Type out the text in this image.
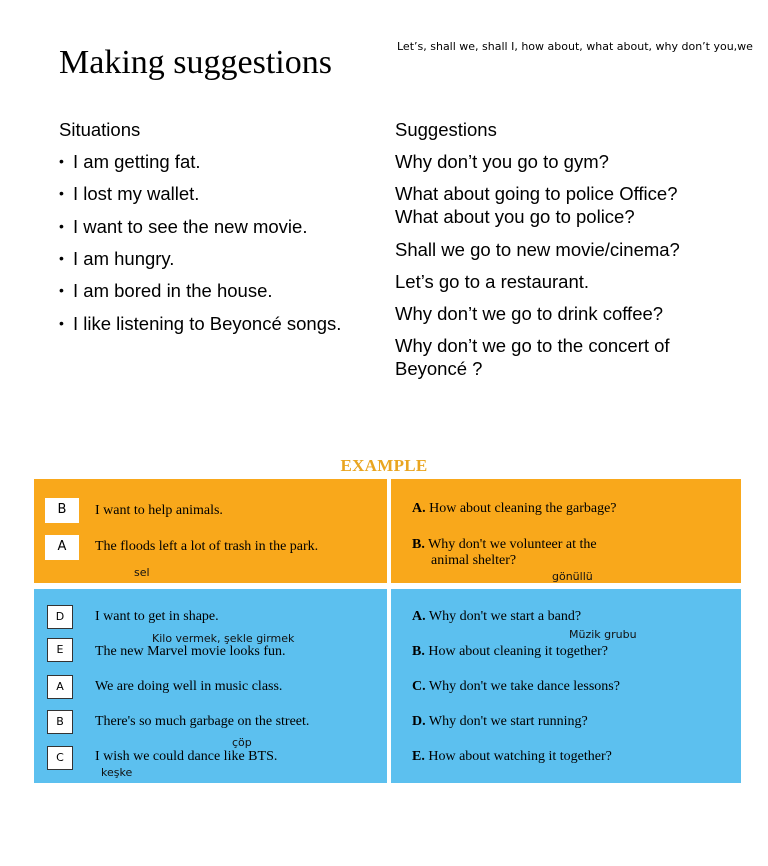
Making suggestions	Let’s, shall we, shall I, how about, what about, why don’t you,we
Situations
• I am getting fat.
• I lost my wallet.
• I want to see the new movie.
• I am hungry.
• I am bored in the house.
• I like listening to Beyoncé songs.
Suggestions
Why don’t you go to gym?
What about going to police Office?
What about you go to police?
Shall we go to new movie/cinema?
Let’s go to a restaurant.
Why don’t we go to drink coffee?
Why don’t we go to the concert of
Beyoncé ?
EXAMPLE
B
A
I want to help animals.
The floods left a lot of trash in the park.
sel
A. How about cleaning the garbage?
B. Why don't we volunteer at the
animal shelter?
gönüllü
D
E
A
B
C
I want to get in shape.
Kilo vermek, şekle girmek
The new Marvel movie looks fun.
We are doing well in music class.
There's so much garbage on the street.
çöp
I wish we could dance like BTS.
keşke
A. Why don't we start a band?
Müzik grubu
B. How about cleaning it together?
C. Why don't we take dance lessons?
D. Why don't we start running?
E. How about watching it together?
